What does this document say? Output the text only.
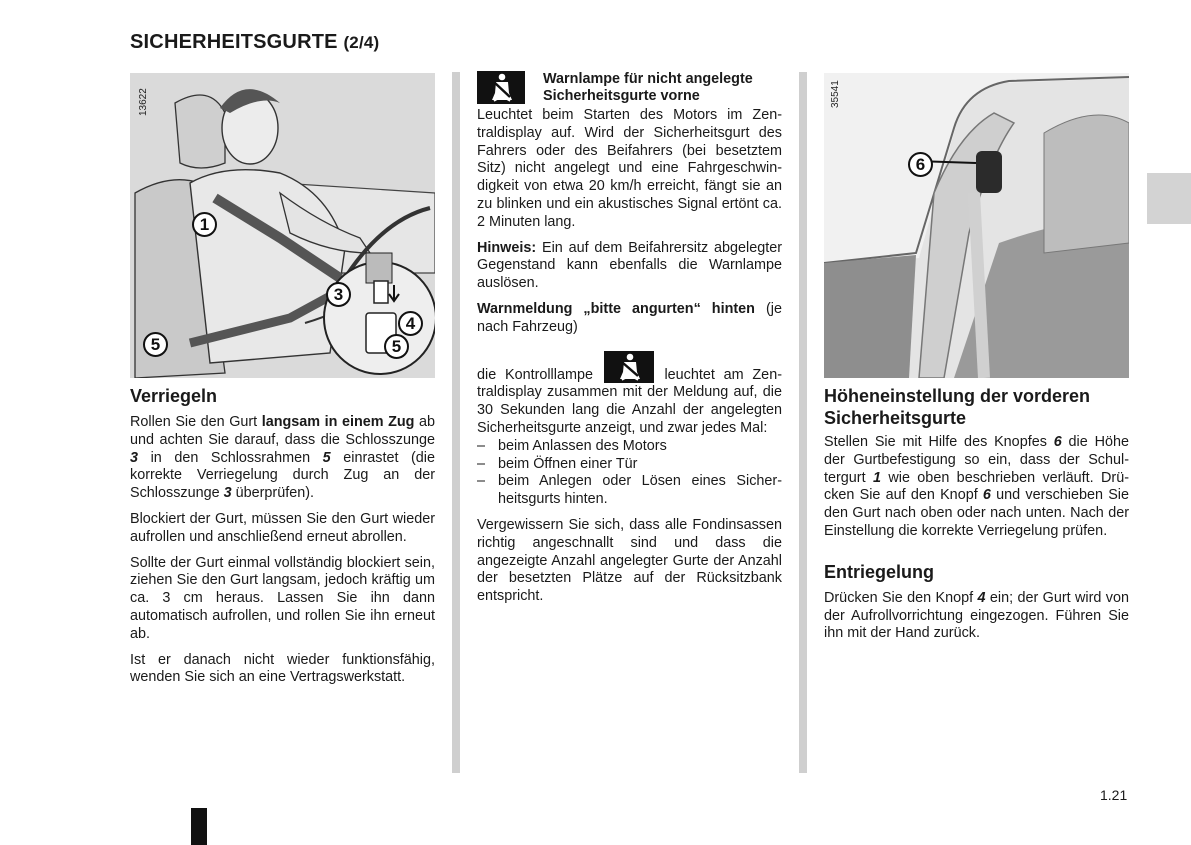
SICHERHEITSGURTE (2/4)
1
3
4
5	5
13622
Verriegeln

Rollen Sie den Gurt langsam in einem Zug ab und achten Sie darauf, dass die Schlosszunge 3 in den Schlossrahmen 5 einrastet (die korrekte Verriegelung durch Zug an der Schlosszunge 3 überprüfen).

Blockiert der Gurt, müssen Sie den Gurt wieder aufrollen und anschließend erneut abrollen.

Sollte der Gurt einmal vollständig blockiert sein, ziehen Sie den Gurt langsam, jedoch kräftig um ca. 3 cm heraus. Lassen Sie ihn dann automatisch aufrollen, und rollen Sie ihn erneut ab.

Ist er danach nicht wieder funktionsfähig, wenden Sie sich an eine Vertragswerkstatt.

Warnlampe für nicht angelegte Sicherheitsgurte vorne

Leuchtet beim Starten des Motors im Zentraldisplay auf. Wird der Sicherheitsgurt des Fahrers oder des Beifahrers (bei besetztem Sitz) nicht angelegt und eine Fahrgeschwindigkeit von etwa 20 km/h erreicht, fängt sie an zu blinken und ein akustisches Signal ertönt ca. 2 Minuten lang.

Hinweis: Ein auf dem Beifahrersitz abgelegter Gegenstand kann ebenfalls die Warnlampe auslösen.

Warnmeldung „bitte angurten“ hinten (je nach Fahrzeug)

die Kontrolllampe	leuchtet am Zentraldisplay zusammen mit der Meldung auf, die 30 Sekunden lang die Anzahl der angelegten Sicherheitsgurte anzeigt, und zwar jedes Mal:

– beim Anlassen des Motors
– beim Öffnen einer Tür
– beim Anlegen oder Lösen eines Sicherheitsgurts hinten.

Vergewissern Sie sich, dass alle Fondinsassen richtig angeschnallt sind und dass die angezeigte Anzahl angelegter Gurte der Anzahl der besetzten Plätze auf der Rücksitzbank entspricht.

6
35541
Höheneinstellung der vorderen Sicherheitsgurte

Stellen Sie mit Hilfe des Knopfes 6 die Höhe der Gurtbefestigung so ein, dass der Schultergurt 1 wie oben beschrieben verläuft. Drücken Sie auf den Knopf 6 und verschieben Sie den Gurt nach oben oder nach unten. Nach der Einstellung die korrekte Verriegelung prüfen.

Entriegelung

Drücken Sie den Knopf 4 ein; der Gurt wird von der Aufrollvorrichtung eingezogen. Führen Sie ihn mit der Hand zurück.

1.21
